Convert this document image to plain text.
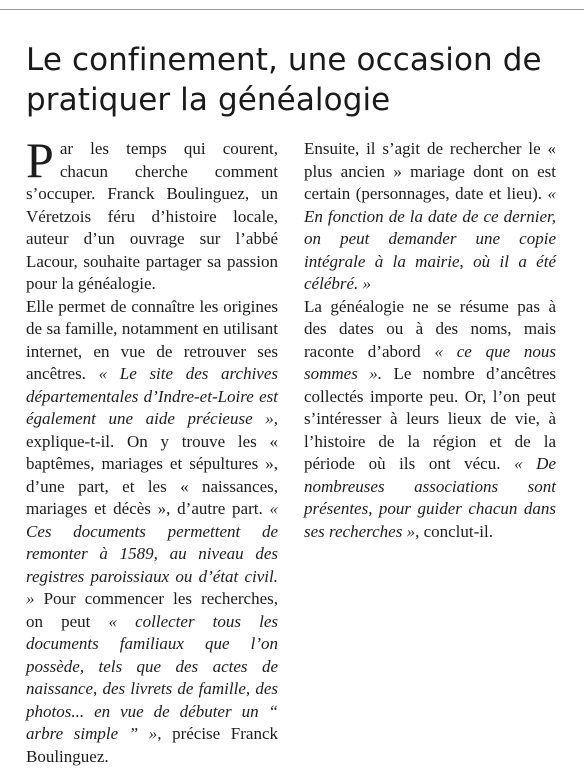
Le confinement, une occasion de pratiquer la généalogie

Par les temps qui courent, chacun cherche comment s’occuper. Franck Boulinguez, un Véretzois féru d’histoire locale, auteur d’un ouvrage sur l’abbé Lacour, souhaite partager sa passion pour la généalogie.

Elle permet de connaître les origines de sa famille, notamment en utilisant internet, en vue de retrouver ses ancêtres. « Le site des archives départementales d’Indre-et-Loire est également une aide précieuse », explique-t-il. On y trouve les « baptêmes, mariages et sépultures », d’une part, et les « naissances, mariages et décès », d’autre part. « Ces documents permettent de remonter à 1589, au niveau des registres paroissiaux ou d’état civil. » Pour commencer les recherches, on peut « collecter tous les documents familiaux que l’on possède, tels que des actes de naissance, des livrets de famille, des photos... en vue de débuter un “ arbre simple ” », précise Franck Boulinguez.

Ensuite, il s’agit de rechercher le « plus ancien » mariage dont on est certain (personnages, date et lieu). « En fonction de la date de ce dernier, on peut demander une copie intégrale à la mairie, où il a été célébré. »

La généalogie ne se résume pas à des dates ou à des noms, mais raconte d’abord « ce que nous sommes ». Le nombre d’ancêtres collectés importe peu. Or, l’on peut s’intéresser à leurs lieux de vie, à l’histoire de la région et de la période où ils ont vécu. « De nombreuses associations sont présentes, pour guider chacun dans ses recherches », conclut-il.
